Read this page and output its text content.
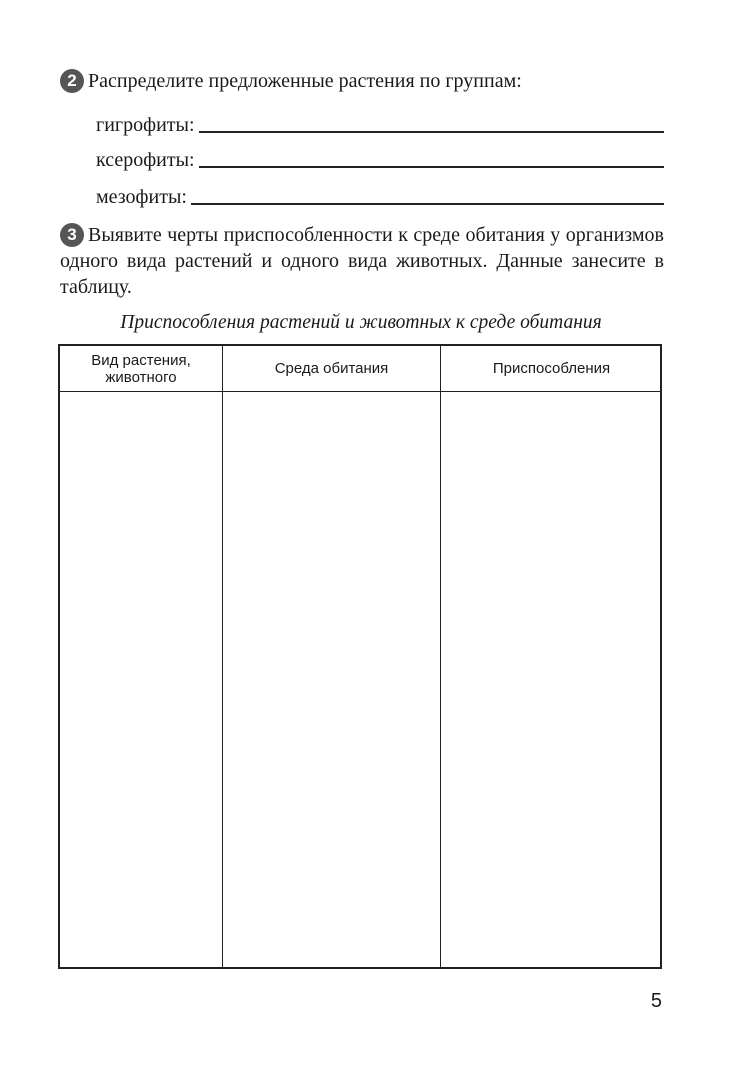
2 Распределите предложенные растения по группам:
гигрофиты:
ксерофиты:
мезофиты:
3 Выявите черты приспособленности к среде обитания у организмов одного вида растений и одного вида животных. Данные занесите в таблицу.
Приспособления растений и животных к среде обитания
Вид растения, животного	Среда обитания	Приспособления
5
